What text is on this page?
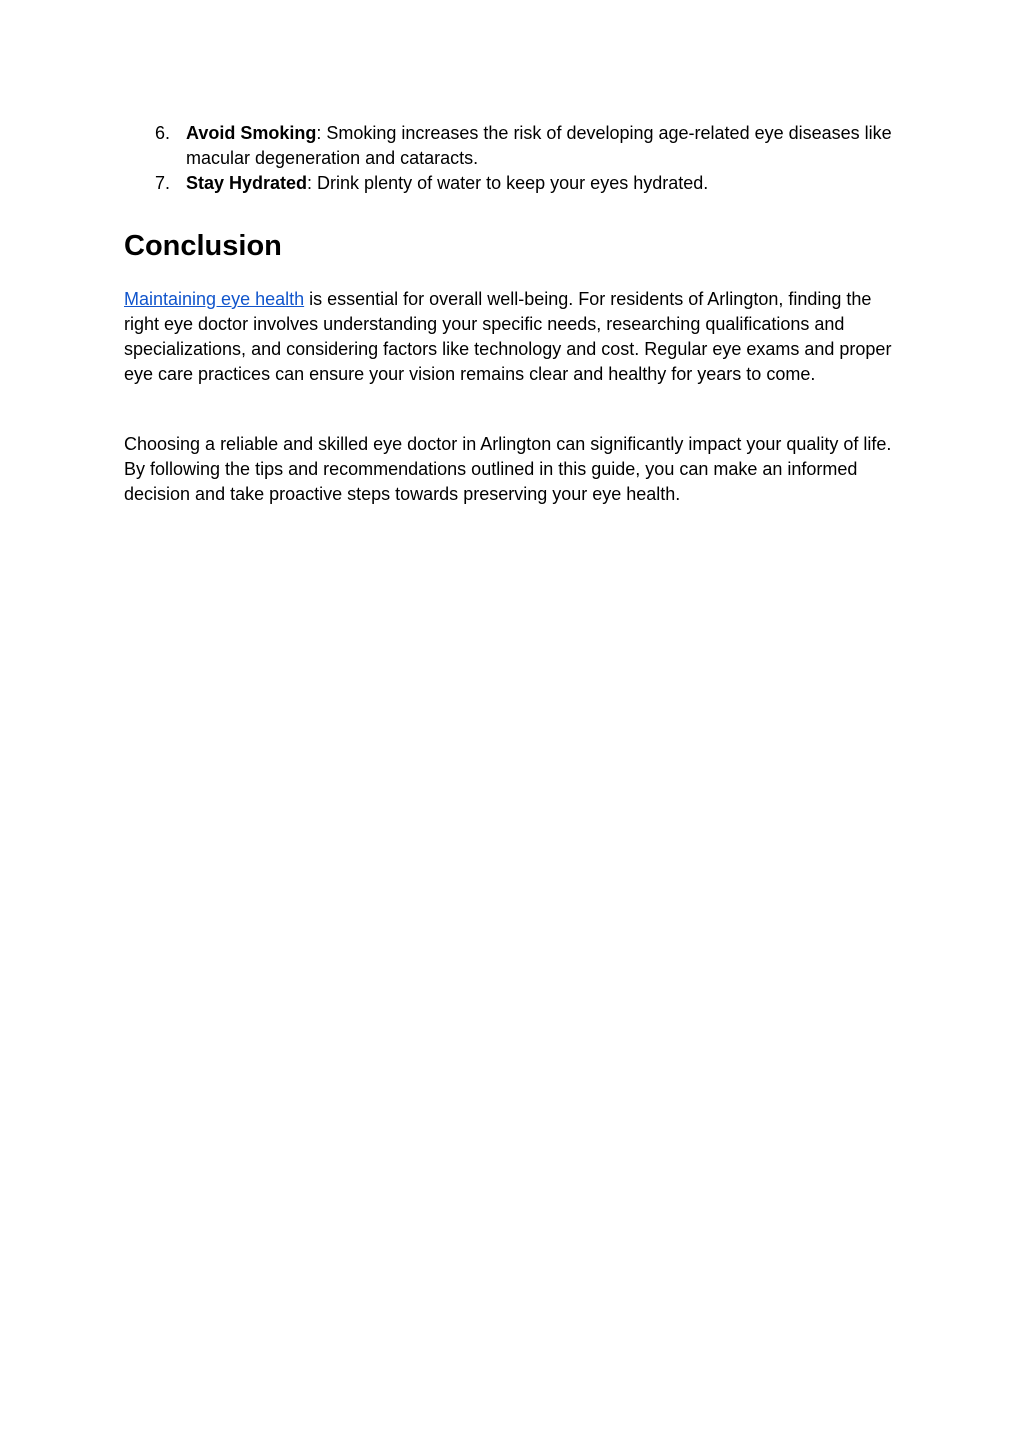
6. Avoid Smoking: Smoking increases the risk of developing age-related eye diseases like macular degeneration and cataracts.
7. Stay Hydrated: Drink plenty of water to keep your eyes hydrated.
Conclusion

Maintaining eye health is essential for overall well-being. For residents of Arlington, finding the right eye doctor involves understanding your specific needs, researching qualifications and specializations, and considering factors like technology and cost. Regular eye exams and proper eye care practices can ensure your vision remains clear and healthy for years to come.

Choosing a reliable and skilled eye doctor in Arlington can significantly impact your quality of life. By following the tips and recommendations outlined in this guide, you can make an informed decision and take proactive steps towards preserving your eye health.
